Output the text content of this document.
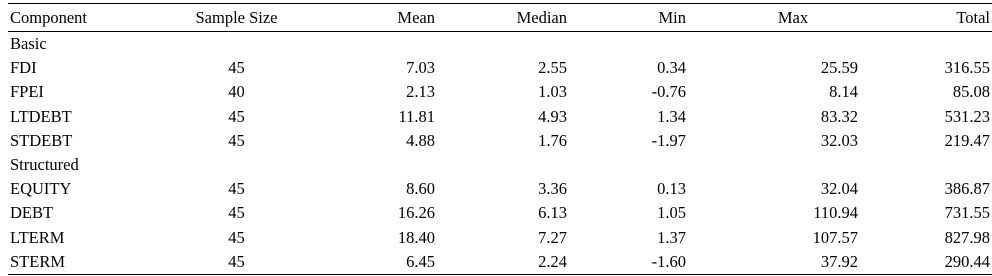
Component	Sample Size	Mean	Median	Min	Max	Total
Basic						
FDI	45	7.03	2.55	0.34	25.59	316.55
FPEI	40	2.13	1.03	-0.76	8.14	85.08
LTDEBT	45	11.81	4.93	1.34	83.32	531.23
STDEBT	45	4.88	1.76	-1.97	32.03	219.47
Structured						
EQUITY	45	8.60	3.36	0.13	32.04	386.87
DEBT	45	16.26	6.13	1.05	110.94	731.55
LTERM	45	18.40	7.27	1.37	107.57	827.98
STERM	45	6.45	2.24	-1.60	37.92	290.44
